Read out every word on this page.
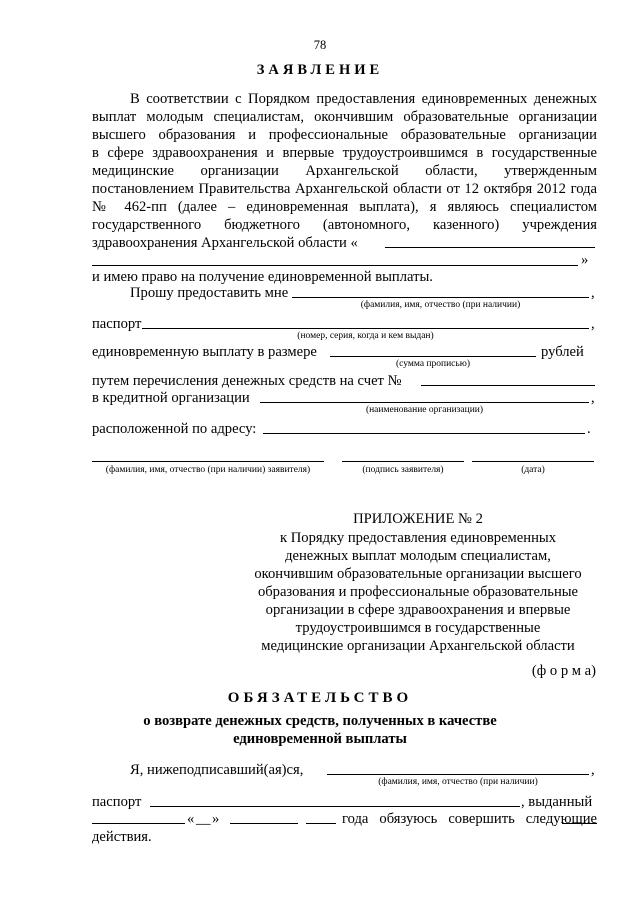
78
ЗАЯВЛЕНИЕ
В соответствии с Порядком предоставления единовременных денежных
выплат молодым специалистам, окончившим образовательные организации
высшего образования и профессиональные образовательные организации
в сфере здравоохранения и впервые трудоустроившимся в государственные
медицинские организации Архангельской области, утвержденным
постановлением Правительства Архангельской области от 12 октября 2012 года
№ 462-пп (далее – единовременная выплата), я являюсь специалистом
государственного бюджетного (автономного, казенного) учреждения
здравоохранения Архангельской области «
»
и имею право на получение единовременной выплаты.
Прошу предоставить мне	,
(фамилия, имя, отчество (при наличии)
паспорт	,
(номер, серия, когда и кем выдан)
единовременную выплату в размере	рублей
(сумма прописью)
путем перечисления денежных средств на счет №
в кредитной организации	,
(наименование организации)
расположенной по адресу:	.
(фамилия, имя, отчество (при наличии) заявителя)	(подпись заявителя)	(дата)
ПРИЛОЖЕНИЕ № 2
к Порядку предоставления единовременных
денежных выплат молодым специалистам,
окончившим образовательные организации высшего
образования и профессиональные образовательные
организации в сфере здравоохранения и впервые
трудоустроившимся в государственные
медицинские организации Архангельской области
(ф о р м а)
ОБЯЗАТЕЛЬСТВО
о возврате денежных средств, полученных в качестве
единовременной выплаты
Я, нижеподписавший(ая)ся,	,
(фамилия, имя, отчество (при наличии)
паспорт	, выданный
« __ »	года обязуюсь совершить следующие
действия.
